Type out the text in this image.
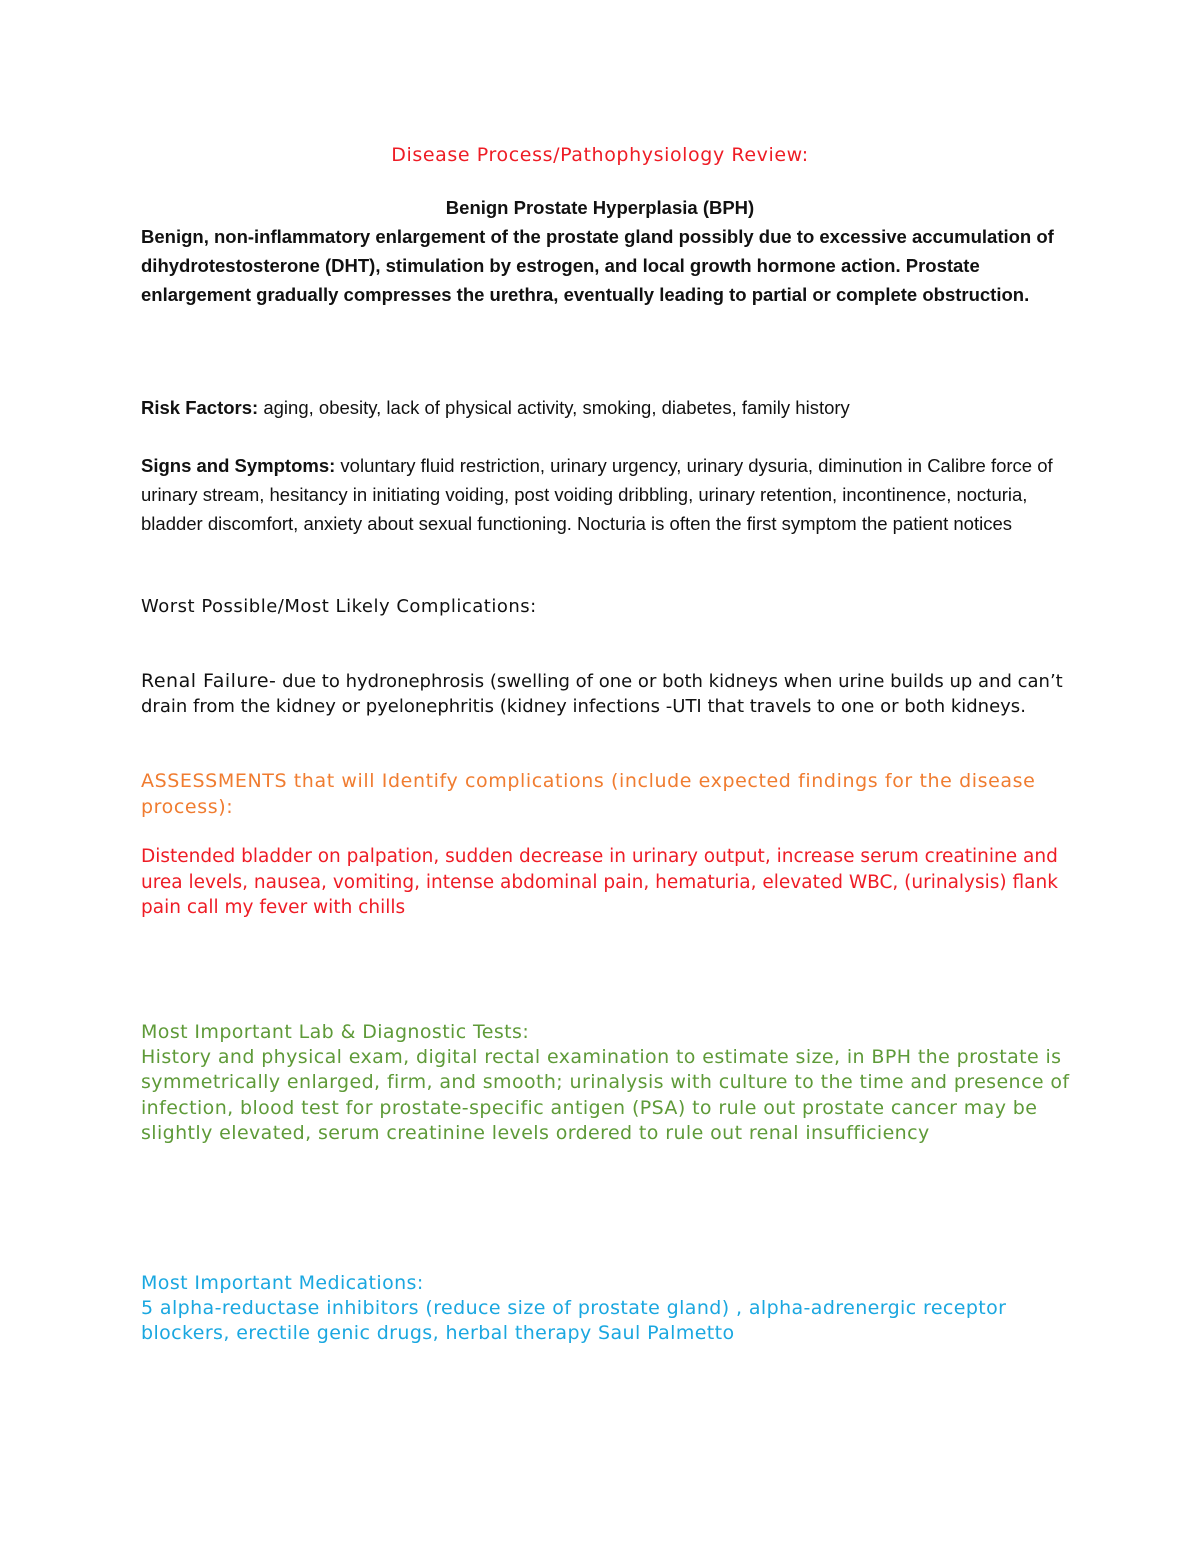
Disease Process/Pathophysiology Review:

Benign Prostate Hyperplasia (BPH)

Benign, non-inflammatory enlargement of the prostate gland possibly due to excessive accumulation of dihydrotestosterone (DHT), stimulation by estrogen, and local growth hormone action. Prostate enlargement gradually compresses the urethra, eventually leading to partial or complete obstruction.

Risk Factors: aging, obesity, lack of physical activity, smoking, diabetes, family history

Signs and Symptoms: voluntary fluid restriction, urinary urgency, urinary dysuria, diminution in Calibre force of urinary stream, hesitancy in initiating voiding, post voiding dribbling, urinary retention, incontinence, nocturia, bladder discomfort, anxiety about sexual functioning. Nocturia is often the first symptom the patient notices

Worst Possible/Most Likely Complications:

Renal Failure- due to hydronephrosis (swelling of one or both kidneys when urine builds up and can’t drain from the kidney or pyelonephritis (kidney infections -UTI that travels to one or both kidneys.

ASSESSMENTS that will Identify complications (include expected findings for the disease process):

Distended bladder on palpation, sudden decrease in urinary output, increase serum creatinine and urea levels, nausea, vomiting, intense abdominal pain, hematuria, elevated WBC, (urinalysis) flank pain call my fever with chills

Most Important Lab & Diagnostic Tests:
History and physical exam, digital rectal examination to estimate size, in BPH the prostate is symmetrically enlarged, firm, and smooth; urinalysis with culture to the time and presence of infection, blood test for prostate-specific antigen (PSA) to rule out prostate cancer may be slightly elevated, serum creatinine levels ordered to rule out renal insufficiency
Most Important Medications:
5 alpha-reductase inhibitors (reduce size of prostate gland) , alpha-adrenergic receptor blockers, erectile genic drugs, herbal therapy Saul Palmetto
